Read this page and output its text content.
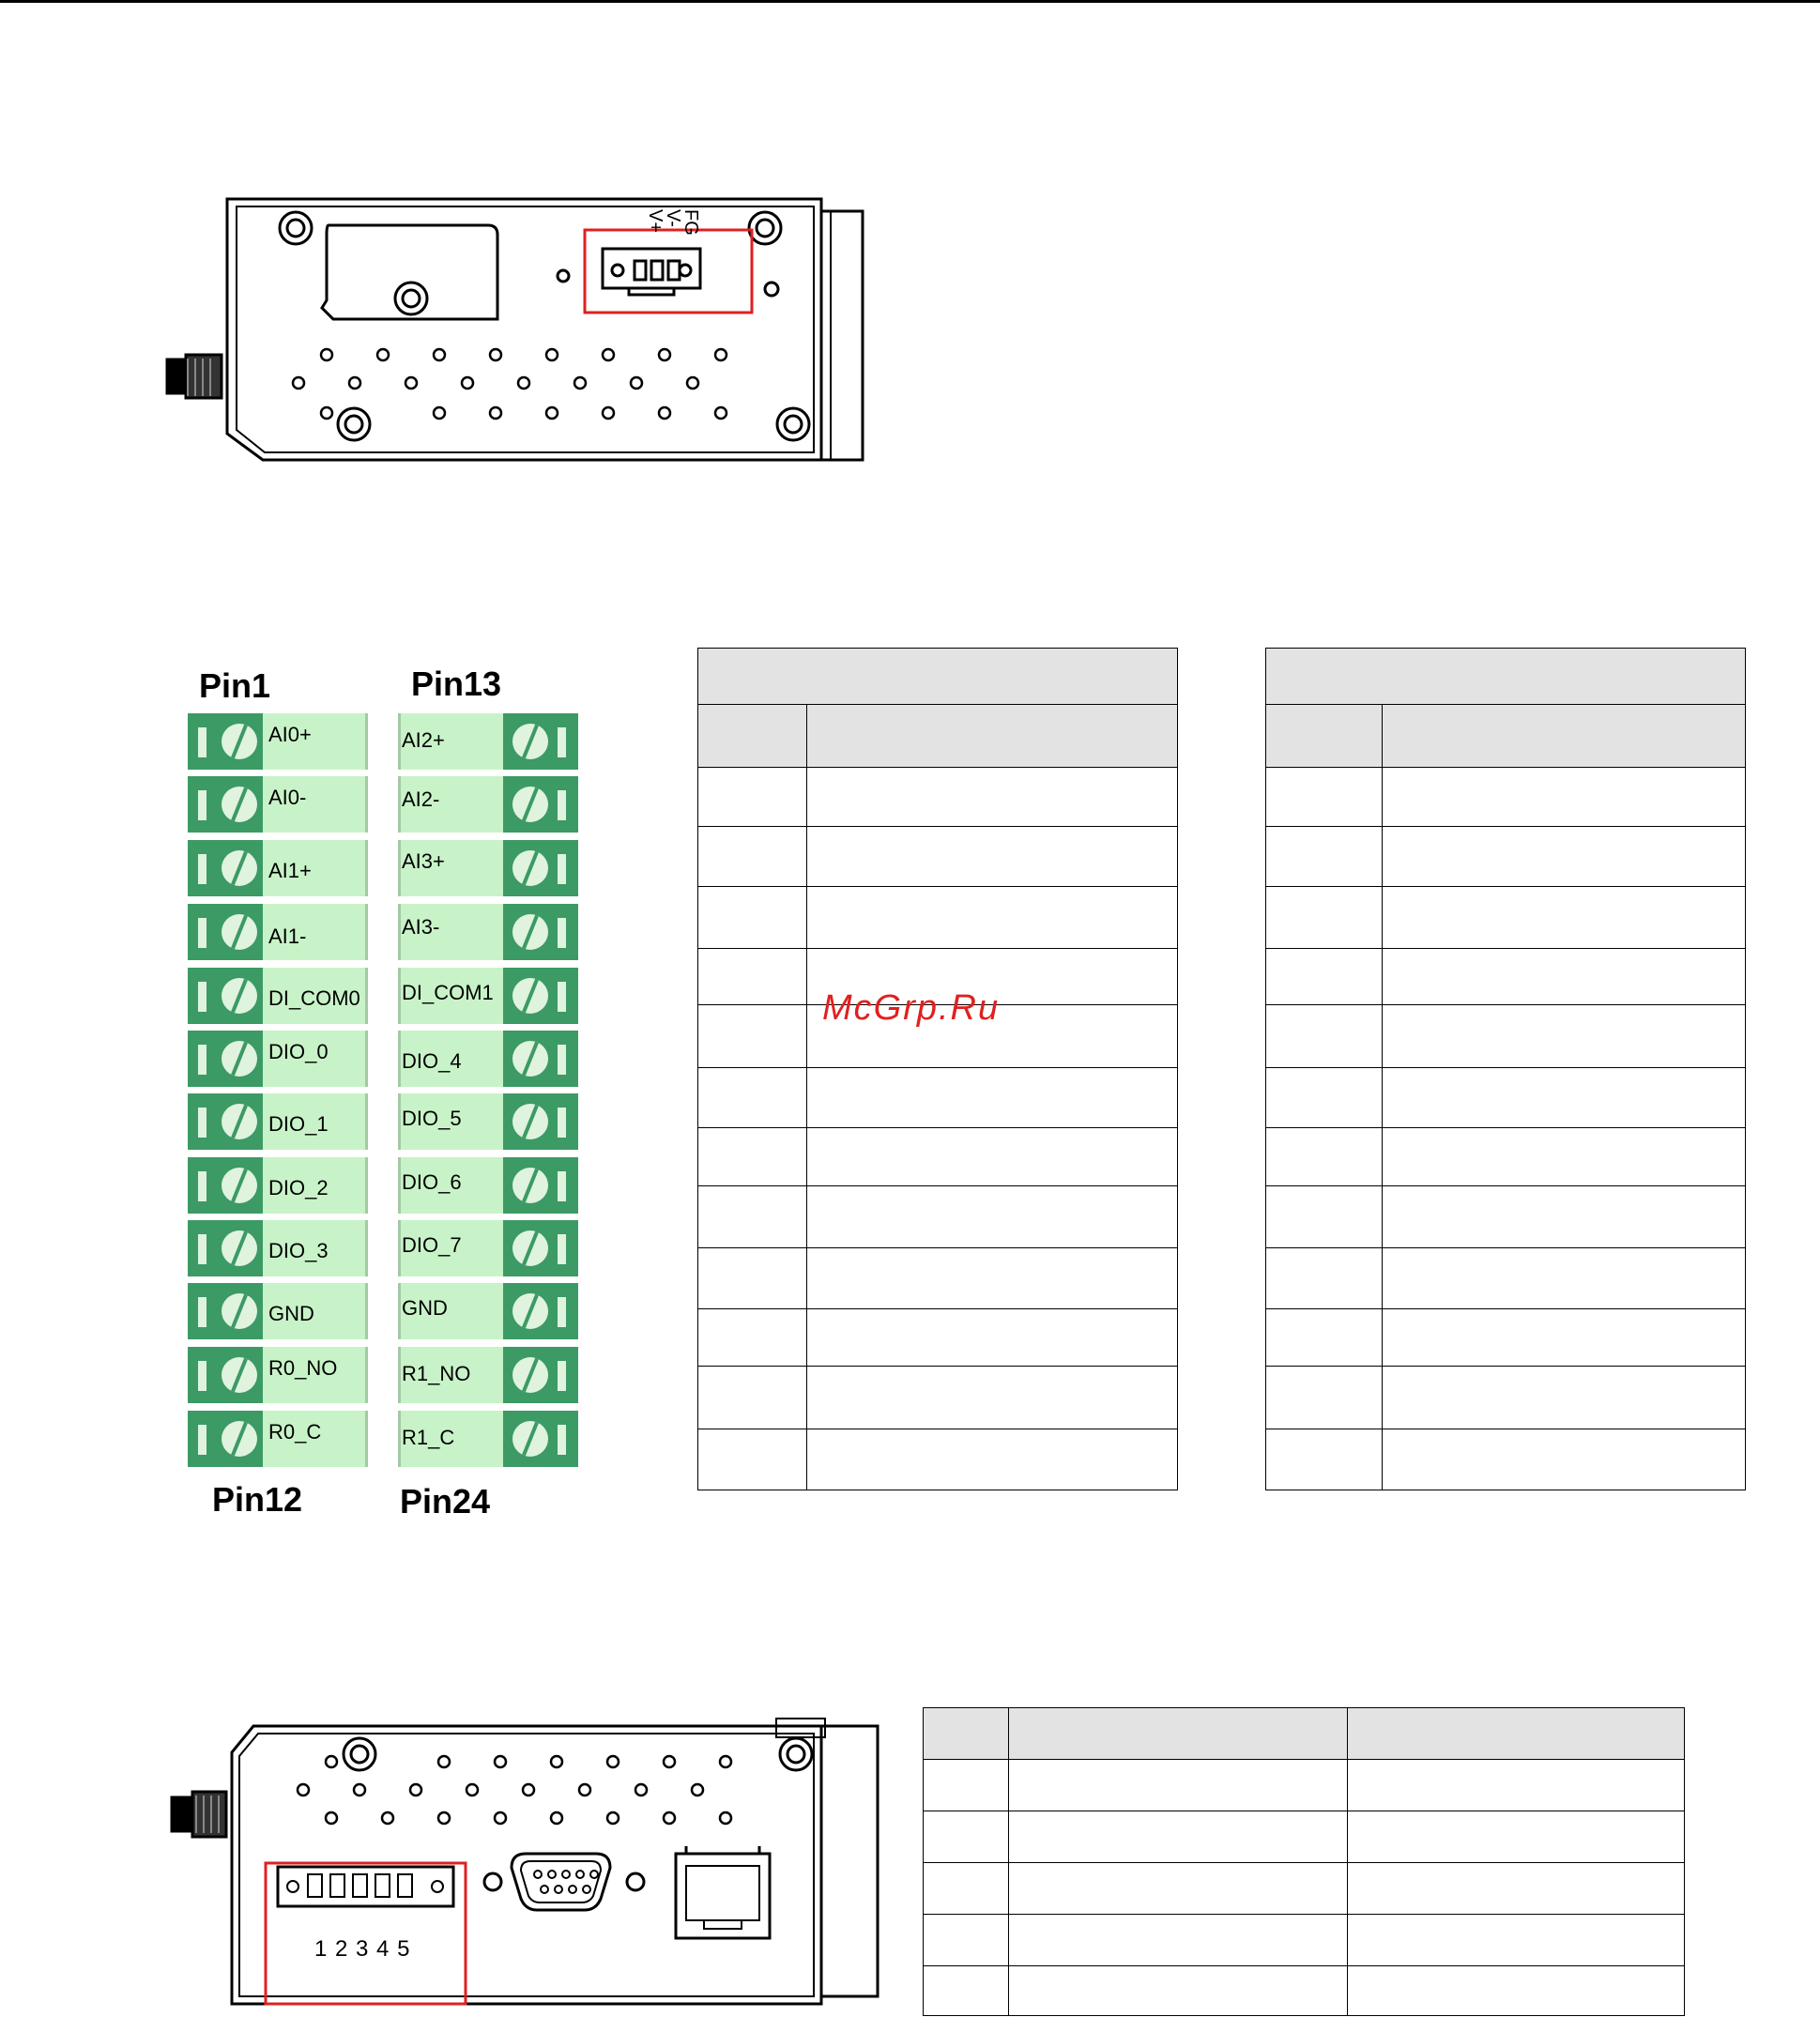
FG
V-
V+
Pin1	Pin13
Pin12	Pin24
AI0+
AI0-
AI1+
AI1-
DI_COM0
DIO_0
DIO_1
DIO_2
DIO_3
GND
R0_NO
R0_C
AI2+
AI2-
AI3+
AI3-
DI_COM1
DIO_4
DIO_5
DIO_6
DIO_7
GND
R1_NO
R1_C

McGrp.Ru
1 2 3 4 5
